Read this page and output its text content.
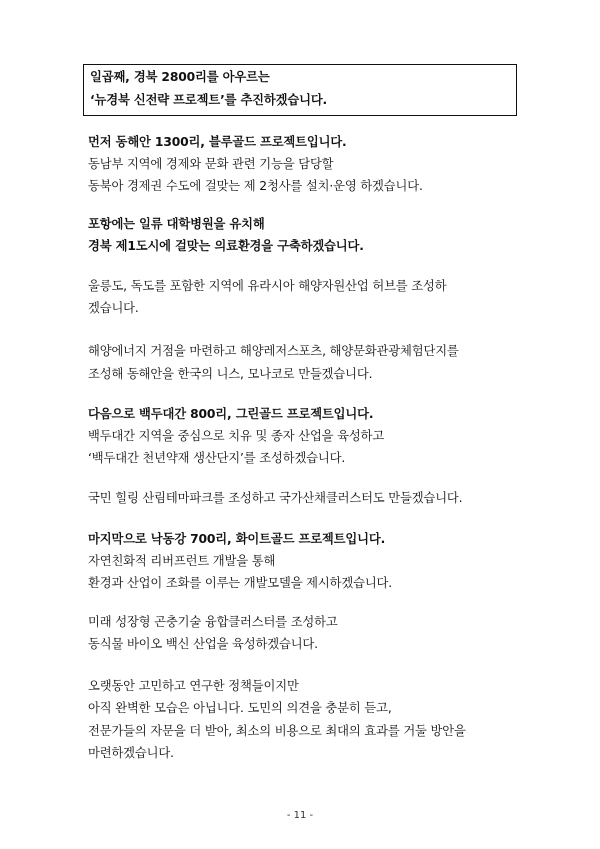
일곱째, 경북 2800리를 아우르는
‘뉴경북 신전략 프로젝트’를 추진하겠습니다.
먼저 동해안 1300리, 블루골드 프로젝트입니다.
동남부 지역에 경제와 문화 관련 기능을 담당할
동북아 경제권 수도에 걸맞는 제 2청사를 설치·운영 하겠습니다.
포항에는 일류 대학병원을 유치해
경북 제1도시에 걸맞는 의료환경을 구축하겠습니다.
울릉도, 독도를 포함한 지역에 유라시아 해양자원산업 허브를 조성하
겠습니다.
해양에너지 거점을 마련하고 해양레저스포츠, 해양문화관광체험단지를
조성해 동해안을 한국의 니스, 모나코로 만들겠습니다.
다음으로 백두대간 800리, 그린골드 프로젝트입니다.
백두대간 지역을 중심으로 치유 및 종자 산업을 육성하고
‘백두대간 천년약재 생산단지’를 조성하겠습니다.
국민 힐링 산림테마파크를 조성하고 국가산채클러스터도 만들겠습니다.
마지막으로 낙동강 700리, 화이트골드 프로젝트입니다.
자연친화적 리버프런트 개발을 통해
환경과 산업이 조화를 이루는 개발모델을 제시하겠습니다.
미래 성장형 곤충기술 융합클러스터를 조성하고
동식물 바이오 백신 산업을 육성하겠습니다.
오랫동안 고민하고 연구한 정책들이지만
아직 완벽한 모습은 아닙니다. 도민의 의견을 충분히 듣고,
전문가들의 자문을 더 받아, 최소의 비용으로 최대의 효과를 거둘 방안을
마련하겠습니다.
- 11 -
